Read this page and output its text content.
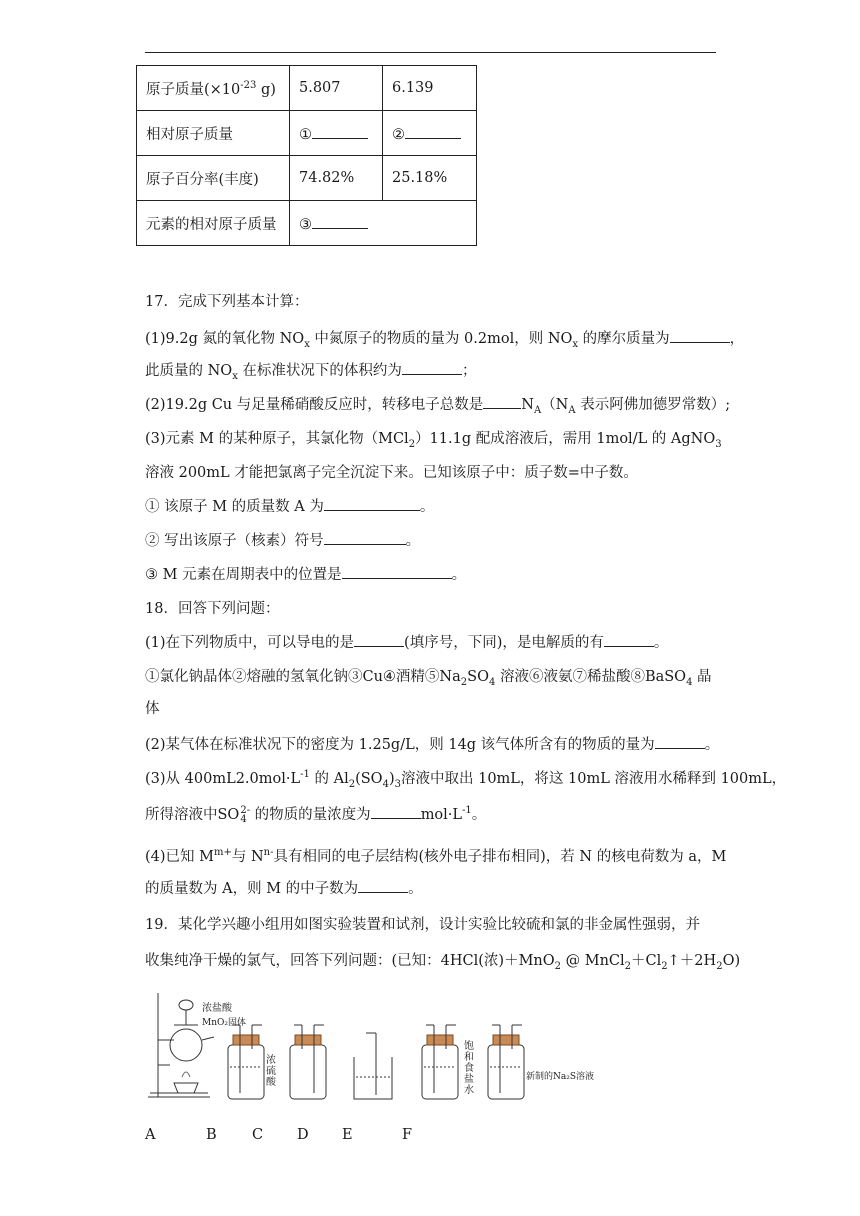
原子质量($\times 10^{-23}$ g)	5.807	6.139
相对原子质量	①	②
原子百分率(丰度)	74.82%	25.18%
元素的相对原子质量	③	
17．完成下列基本计算：
(1)9.2g 氮的氧化物 $NO_x$ 中氮原子的物质的量为 0.2mol，则 $NO_x$ 的摩尔质量为	，
此质量的 $NO_x$ 在标准状况下的体积约为	；
(2)19.2g Cu 与足量稀硝酸反应时，转移电子总数是	$N_A(N_A$ 表示阿佛加德罗常数）;
(3)元素 M 的某种原子，其氯化物（MCl$_2$）11.1g 配成溶液后，需用 1mol/L 的 AgNO$_3$
溶液 200mL 才能把氯离子完全沉淀下来。已知该原子中：质子数=中子数。
① 该原子 M 的质量数 A 为	。
② 写出该原子（核素）符号	。
③ M 元素在周期表中的位置是	。
18．回答下列问题：
(1)在下列物质中，可以导电的是	(填序号，下同)，是电解质的有	。
①氯化钠晶体②熔融的氢氧化钠③Cu④酒精$⑤Na_2SO_4$ 溶液⑥液氨⑦稀盐酸⑧BaSO$_4$ 晶
体
(2)某气体在标准状况下的密度为 1.25g/L，则 14g 该气体所含有的物质的量为	。
(3)从 $400mL2.0mol\cdot L^{-1}$ 的 $Al_2(SO_4)_3$溶液中取出 10mL，将这 10mL 溶液用水稀释到 100mL，
所得溶液中SO 2-
4 的物质的量浓度为	$mol\cdot L^{-1}$。
(4)已知 $M^{m+}$与 $N^{n-}$具有相同的电子层结构(核外电子排布相同)，若 N 的核电荷数为 a，M
的质量数为 A，则 M 的中子数为	。
19．某化学兴趣小组用如图实验装置和试剂，设计实验比较硫和氯的非金属性强弱，并
收集纯净干燥的氯气，回答下列问题：(已知：4HCl(浓)＋MnO$_2$ @ $MnCl_2+Cl_2↑+2H_2O$)
浓盐酸
MnO₂固体
浓硫酸
饱和食盐水
新制的Na₂S溶液
A	B C D E	F
